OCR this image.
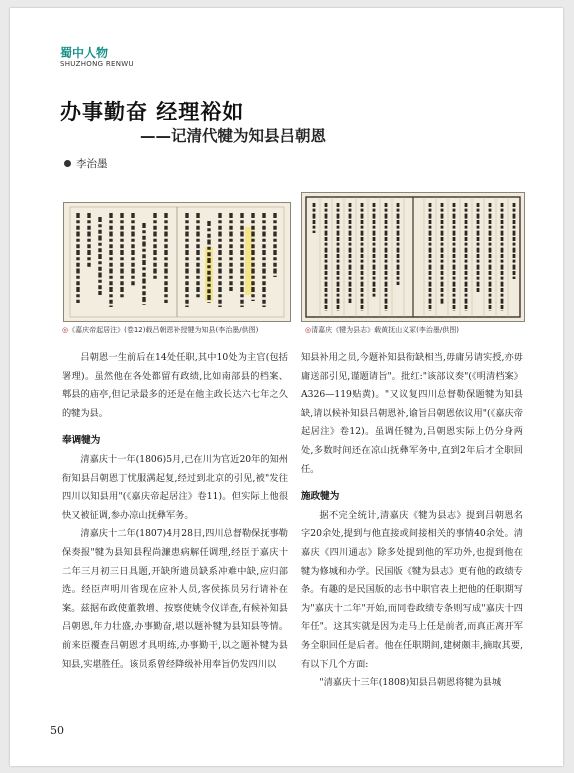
蜀中人物
SHUZHONG RENWU
办事勤奋 经理裕如
——记清代犍为知县吕朝恩
李治墨
◎《嘉庆帝起居注》(卷12)载吕朝恩补授犍为知县(李治墨/供图)	◎清嘉庆《犍为县志》载黄抚山义冢(李治墨/供图)

吕朝恩一生前后在14处任职,其中10处为主官(包括署理)。虽然他在各处都留有政绩,比如南部县的档案、郫县的庙亭,但记录最多的还是在他主政长达六七年之久的犍为县。

奉调犍为

清嘉庆十一年(1806)5月,已在川为官近20年的知州衔知县吕朝恩丁忧服满起复,经过到北京的引见,被"发往四川以知县用"(《嘉庆帝起居注》卷11)。但实际上他很快又被征调,参办凉山抚彝军务。

清嘉庆十二年(1807)4月28日,四川总督勒保抚事勒保奏报"犍为县知县程尚濂患病解任调理,经臣于嘉庆十二年三月初三日具题,开缺所遗员缺系冲难中缺,应归部选。经臣声明川省现在应补人员,客侯拣员另行请补在案。兹据布政使董教增、按察使姚令仪详查,有候补知县吕朝恩,年力壮盛,办事勤奋,堪以题补犍为县知县等情。前来臣覆查吕朝恩才具明练,办事勤干,以之题补犍为县知县,实堪胜任。该员系曾经降级补用奉旨仍发四川以

知县补用之员,今题补知县衔缺相当,毋庸另请实授,亦毋庸送部引见,谨题请旨"。批红:"该部议奏"(《明清档案》A326—119贴黄)。"又议复四川总督勒保题犍为知县缺,请以候补知县吕朝恩补,谕旨吕朝恩依议用"(《嘉庆帝起居注》卷12)。虽调任犍为,吕朝恩实际上仍分身两处,多数时间还在凉山抚彝军务中,直到2年后才全职回任。

施政犍为

据不完全统计,清嘉庆《犍为县志》提到吕朝恩名字20余处,提到与他直接或间接相关的事情40余处。清嘉庆《四川通志》除多处提到他的军功外,也提到他在犍为修城和办学。民国版《犍为县志》更有他的政绩专条。有趣的是民国版的志书中职官表上把他的任职期写为"嘉庆十二年"开始,而同卷政绩专条则写成"嘉庆十四年任"。这其实就是因为走马上任是前者,而真正离开军务全职回任是后者。他在任职期间,建树颇丰,摘取其要,有以下几个方面:

"清嘉庆十三年(1808)知县吕朝恩将犍为县城

50
